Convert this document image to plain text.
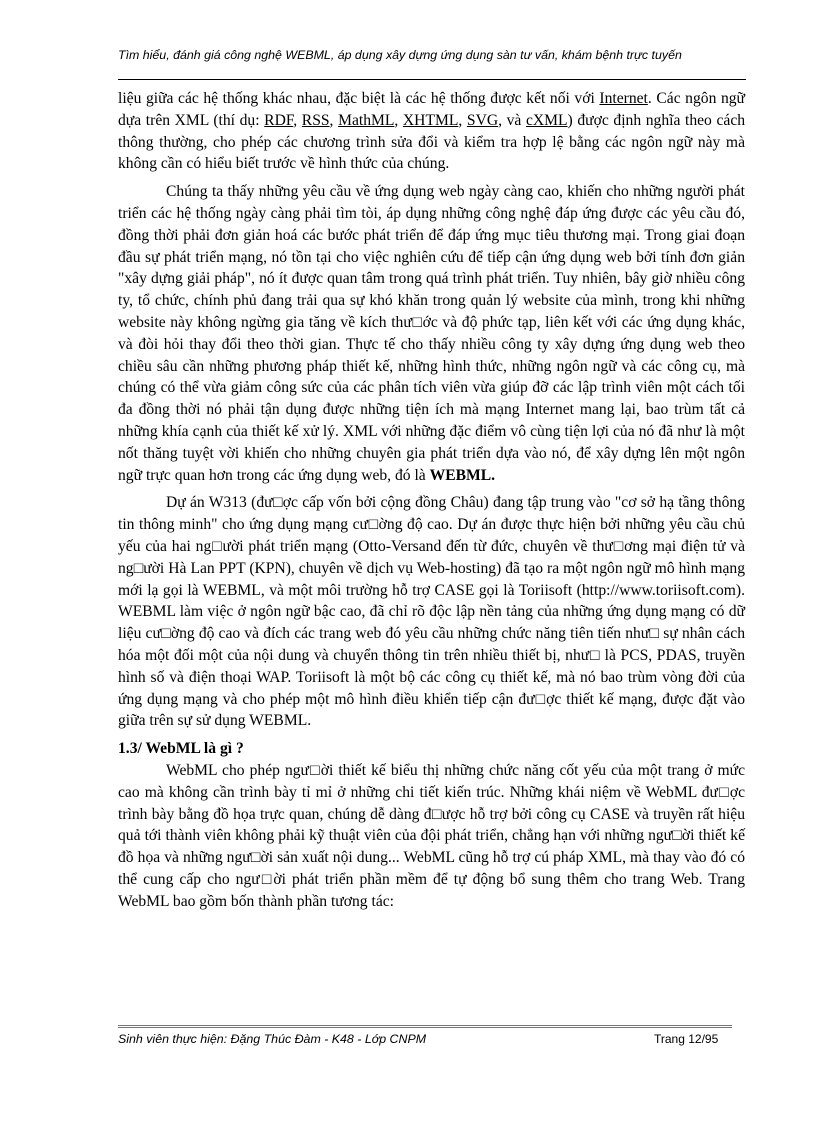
Tìm hiểu, đánh giá công nghệ WEBML, áp dụng xây dựng ứng dụng sàn tư vấn, khám bệnh trực tuyến

liệu giữa các hệ thống khác nhau, đặc biệt là các hệ thống được kết nối với Internet. Các ngôn ngữ dựa trên XML (thí dụ: RDF, RSS, MathML, XHTML, SVG, và cXML) được định nghĩa theo cách thông thường, cho phép các chương trình sửa đổi và kiểm tra hợp lệ bằng các ngôn ngữ này mà không cần có hiểu biết trước về hình thức của chúng.

Chúng ta thấy những yêu cầu về ứng dụng web ngày càng cao, khiến cho những người phát triển các hệ thống ngày càng phải tìm tòi, áp dụng những công nghệ đáp ứng được các yêu cầu đó, đồng thời phải đơn giản hoá các bước phát triển để đáp ứng mục tiêu thương mại. Trong giai đoạn đầu sự phát triển mạng, nó tồn tại cho việc nghiên cứu để tiếp cận ứng dụng web bởi tính đơn giản "xây dựng giải pháp", nó ít được quan tâm trong quá trình phát triển. Tuy nhiên, bây giờ nhiều công ty, tổ chức, chính phủ đang trải qua sự khó khăn trong quản lý website của mình, trong khi những website này không ngừng gia tăng về kích thư□ớc và độ phức tạp, liên kết với các ứng dụng khác, và đòi hỏi thay đổi theo thời gian. Thực tế cho thấy nhiều công ty xây dựng ứng dụng web theo chiều sâu cần những phương pháp thiết kế, những hình thức, những ngôn ngữ và các công cụ, mà chúng có thể vừa giảm công sức của các phân tích viên vừa giúp đỡ các lập trình viên một cách tối đa đồng thời nó phải tận dụng được những tiện ích mà mạng Internet mang lại, bao trùm tất cả những khía cạnh của thiết kế xử lý. XML với những đặc điểm vô cùng tiện lợi của nó đã như là một nốt thăng tuyệt vời khiến cho những chuyên gia phát triển dựa vào nó, để xây dựng lên một ngôn ngữ trực quan hơn trong các ứng dụng web, đó là WEBML.

Dự án W313 (đư□ợc cấp vốn bởi cộng đồng Châu) đang tập trung vào "cơ sở hạ tầng thông tin thông minh" cho ứng dụng mạng cư□ờng độ cao. Dự án được thực hiện bởi những yêu cầu chủ yếu của hai ng□ười phát triển mạng (Otto-Versand đến từ đức, chuyên về thư□ơng mại điện tử và ng□ười Hà Lan PPT (KPN), chuyên về dịch vụ Web-hosting) đã tạo ra một ngôn ngữ mô hình mạng mới lạ gọi là WEBML, và một môi trường hỗ trợ CASE gọi là Toriisoft (http://www.toriisoft.com). WEBML làm việc ở ngôn ngữ bậc cao, đã chỉ rõ độc lập nền tảng của những ứng dụng mạng có dữ liệu cư□ờng độ cao và đích các trang web đó yêu cầu những chức năng tiên tiến như□ sự nhân cách hóa một đối một của nội dung và chuyển thông tin trên nhiều thiết bị, như□ là PCS, PDAS, truyền hình số và điện thoại WAP. Toriisoft là một bộ các công cụ thiết kế, mà nó bao trùm vòng đời của ứng dụng mạng và cho phép một mô hình điều khiển tiếp cận đư□ợc thiết kế mạng, được đặt vào giữa trên sự sử dụng WEBML.

1.3/ WebML là gì ?

WebML cho phép ngư□ời thiết kế biểu thị những chức năng cốt yếu của một trang ở mức cao mà không cần trình bày tỉ mỉ ở những chi tiết kiến trúc. Những khái niệm về WebML đư□ợc trình bày bằng đồ họa trực quan, chúng dễ dàng đ□ược hỗ trợ bởi công cụ CASE và truyền rất hiệu quả tới thành viên không phải kỹ thuật viên của đội phát triển, chẳng hạn với những ngư□ời thiết kế đồ họa và những ngư□ời sản xuất nội dung... WebML cũng hỗ trợ cú pháp XML, mà thay vào đó có thể cung cấp cho ngư□ời phát triển phần mềm để tự động bổ sung thêm cho trang Web. Trang WebML bao gồm bốn thành phần tương tác:

Sinh viên thực hiện: Đặng Thúc Đàm - K48 - Lớp CNPM	Trang 12/95
